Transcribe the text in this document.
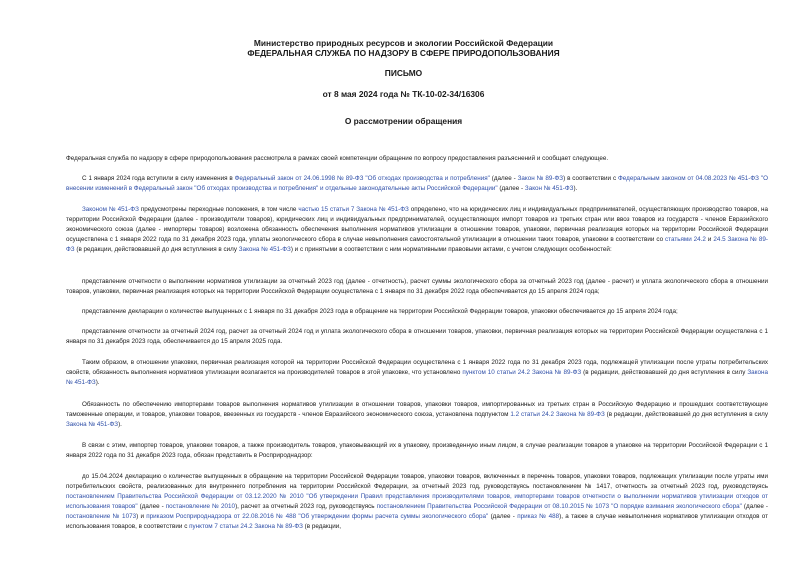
Министерство природных ресурсов и экологии Российской Федерации
ФЕДЕРАЛЬНАЯ СЛУЖБА ПО НАДЗОРУ В СФЕРЕ ПРИРОДОПОЛЬЗОВАНИЯ
ПИСЬМО
от 8 мая 2024 года № ТК-10-02-34/16306
О рассмотрении обращения

Федеральная служба по надзору в сфере природопользования рассмотрела в рамках своей компетенции обращение по вопросу предоставления разъяснений и сообщает следующее.

С 1 января 2024 года вступили в силу изменения в Федеральный закон от 24.06.1998 № 89-ФЗ "Об отходах производства и потребления" (далее - Закон № 89-ФЗ) в соответствии с Федеральным законом от 04.08.2023 № 451-ФЗ "О внесении изменений в Федеральный закон "Об отходах производства и потребления" и отдельные законодательные акты Российской Федерации" (далее - Закон № 451-ФЗ).

Законом № 451-ФЗ предусмотрены переходные положения, в том числе частью 15 статьи 7 Закона № 451-ФЗ определено, что на юридических лиц и индивидуальных предпринимателей, осуществляющих производство товаров, на территории Российской Федерации (далее - производители товаров), юридических лиц и индивидуальных предпринимателей, осуществляющих импорт товаров из третьих стран или ввоз товаров из государств - членов Евразийского экономического союза (далее - импортеры товаров) возложена обязанность обеспечения выполнения нормативов утилизации в отношении товаров, упаковки, первичная реализация которых на территории Российской Федерации осуществлена с 1 января 2022 года по 31 декабря 2023 года, уплаты экологического сбора в случае невыполнения самостоятельной утилизации в отношении таких товаров, упаковки в соответствии со статьями 24.2 и 24.5 Закона № 89-ФЗ (в редакции, действовавшей до дня вступления в силу Закона № 451-ФЗ) и с принятыми в соответствии с ним нормативными правовыми актами, с учетом следующих особенностей:

представление отчетности о выполнении нормативов утилизации за отчетный 2023 год (далее - отчетность), расчет суммы экологического сбора за отчетный 2023 год (далее - расчет) и уплата экологического сбора в отношении товаров, упаковки, первичная реализация которых на территории Российской Федерации осуществлена с 1 января по 31 декабря 2022 года обеспечивается до 15 апреля 2024 года;

представление декларации о количестве выпущенных с 1 января по 31 декабря 2023 года в обращение на территории Российской Федерации товаров, упаковки обеспечивается до 15 апреля 2024 года;

представление отчетности за отчетный 2024 год, расчет за отчетный 2024 год и уплата экологического сбора в отношении товаров, упаковки, первичная реализация которых на территории Российской Федерации осуществлена с 1 января по 31 декабря 2023 года, обеспечивается до 15 апреля 2025 года.

Таким образом, в отношении упаковки, первичная реализация которой на территории Российской Федерации осуществлена с 1 января 2022 года по 31 декабря 2023 года, подлежащей утилизации после утраты потребительских свойств, обязанность выполнения нормативов утилизации возлагается на производителей товаров в этой упаковке, что установлено пунктом 10 статьи 24.2 Закона № 89-ФЗ (в редакции, действовавшей до дня вступления в силу Закона № 451-ФЗ).

Обязанность по обеспечению импортерами товаров выполнения нормативов утилизации в отношении товаров, упаковки товаров, импортированных из третьих стран в Российскую Федерацию и прошедших соответствующие таможенные операции, и товаров, упаковки товаров, ввезенных из государств - членов Евразийского экономического союза, установлена подпунктом 1.2 статьи 24.2 Закона № 89-ФЗ (в редакции, действовавшей до дня вступления в силу Закона № 451-ФЗ).

В связи с этим, импортер товаров, упаковки товаров, а также производитель товаров, упаковывающий их в упаковку, произведенную иным лицом, в случае реализации товаров в упаковке на территории Российской Федерации с 1 января 2022 года по 31 декабря 2023 года, обязан представить в Росприроднадзор:

до 15.04.2024 декларацию о количестве выпущенных в обращение на территории Российской Федерации товаров, упаковки товаров, включенных в перечень товаров, упаковки товаров, подлежащих утилизации после утраты ими потребительских свойств, реализованных для внутреннего потребления на территории Российской Федерации, за отчетный 2023 год, руководствуясь постановлением № 1417, отчетность за отчетный 2023 год, руководствуясь постановлением Правительства Российской Федерации от 03.12.2020 № 2010 "Об утверждении Правил представления производителями товаров, импортерами товаров отчетности о выполнении нормативов утилизации отходов от использования товаров" (далее - постановление № 2010), расчет за отчетный 2023 год, руководствуясь постановлением Правительства Российской Федерации от 08.10.2015 № 1073 "О порядке взимания экологического сбора" (далее - постановление № 1073) и приказом Росприроднадзора от 22.08.2016 № 488 "Об утверждении формы расчета суммы экологического сбора" (далее - приказ № 488), а также в случае невыполнения нормативов утилизации отходов от использования товаров, в соответствии с пунктом 7 статьи 24.2 Закона № 89-ФЗ (в редакции,
